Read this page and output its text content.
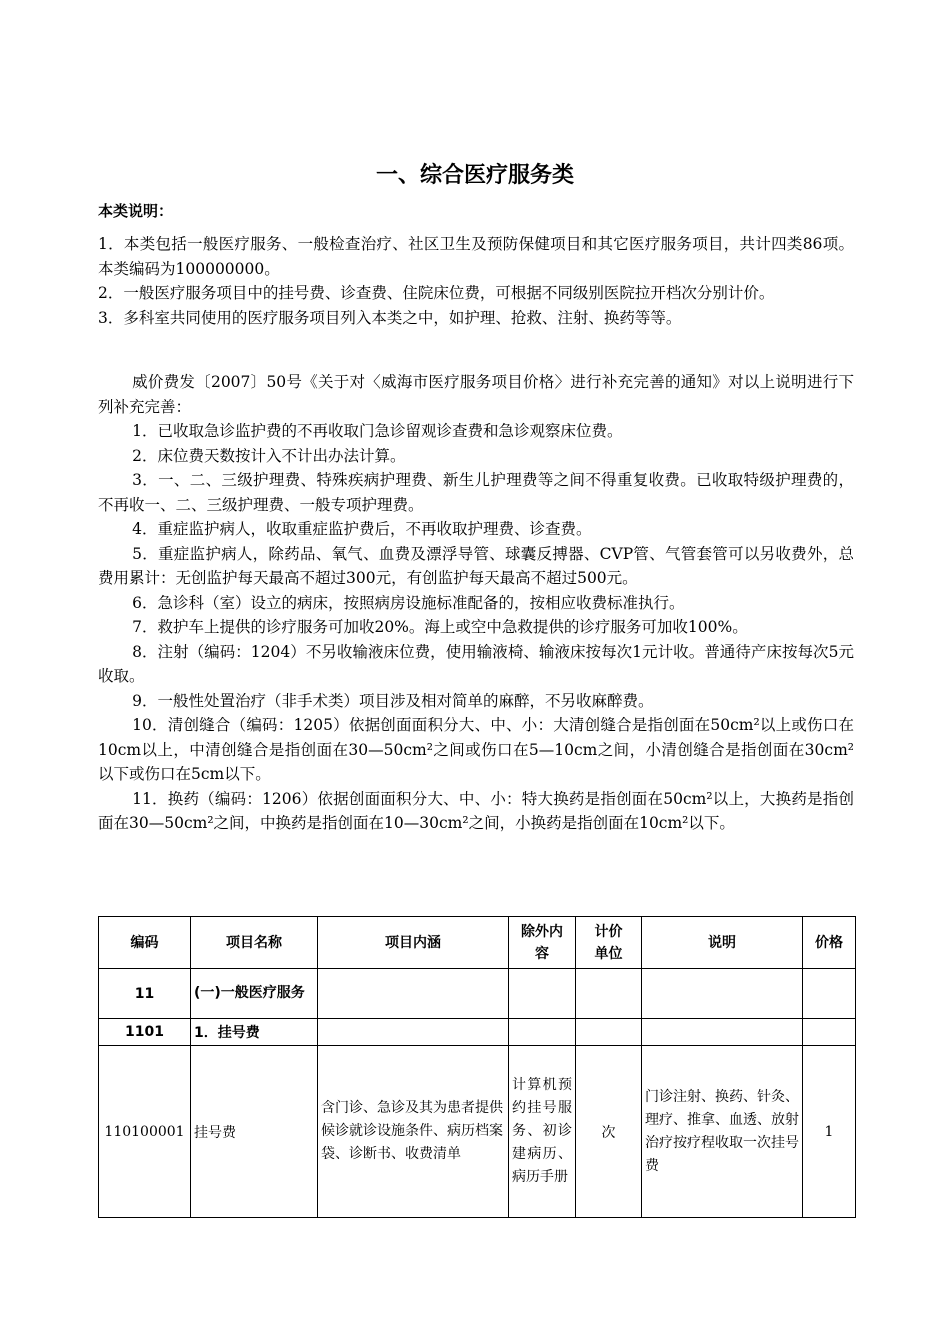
一、综合医疗服务类
本类说明：
1．本类包括一般医疗服务、一般检查治疗、社区卫生及预防保健项目和其它医疗服务项目，共计四类86项。本类编码为100000000。
2．一般医疗服务项目中的挂号费、诊查费、住院床位费，可根据不同级别医院拉开档次分别计价。
3．多科室共同使用的医疗服务项目列入本类之中，如护理、抢救、注射、换药等等。
威价费发〔2007〕50号《关于对〈威海市医疗服务项目价格〉进行补充完善的通知》对以上说明进行下列补充完善：
1．已收取急诊监护费的不再收取门急诊留观诊查费和急诊观察床位费。
2．床位费天数按计入不计出办法计算。
3．一、二、三级护理费、特殊疾病护理费、新生儿护理费等之间不得重复收费。已收取特级护理费的，不再收一、二、三级护理费、一般专项护理费。
4．重症监护病人，收取重症监护费后，不再收取护理费、诊查费。
5．重症监护病人，除药品、氧气、血费及漂浮导管、球囊反搏器、CVP管、气管套管可以另收费外，总费用累计：无创监护每天最高不超过300元，有创监护每天最高不超过500元。
6．急诊科（室）设立的病床，按照病房设施标准配备的，按相应收费标准执行。
7．救护车上提供的诊疗服务可加收20%。海上或空中急救提供的诊疗服务可加收100%。
8．注射（编码：1204）不另收输液床位费，使用输液椅、输液床按每次1元计收。普通待产床按每次5元收取。
9．一般性处置治疗（非手术类）项目涉及相对简单的麻醉，不另收麻醉费。
10．清创缝合（编码：1205）依据创面面积分大、中、小：大清创缝合是指创面在50cm²以上或伤口在10cm以上，中清创缝合是指创面在30—50cm²之间或伤口在5—10cm之间，小清创缝合是指创面在30cm²以下或伤口在5cm以下。
11．换药（编码：1206）依据创面面积分大、中、小：特大换药是指创面在50cm²以上，大换药是指创面在30—50cm²之间，中换药是指创面在10—30cm²之间，小换药是指创面在10cm²以下。
编码	项目名称	项目内涵	除外内容	计价单位	说明	价格
11	(一)一般医疗服务					
1101	1．挂号费					
110100001	挂号费	含门诊、急诊及其为患者提供候诊就诊设施条件、病历档案袋、诊断书、收费清单	计算机预约挂号服务、初诊建病历、病历手册	次	门诊注射、换药、针灸、理疗、推拿、血透、放射治疗按疗程收取一次挂号费	1
